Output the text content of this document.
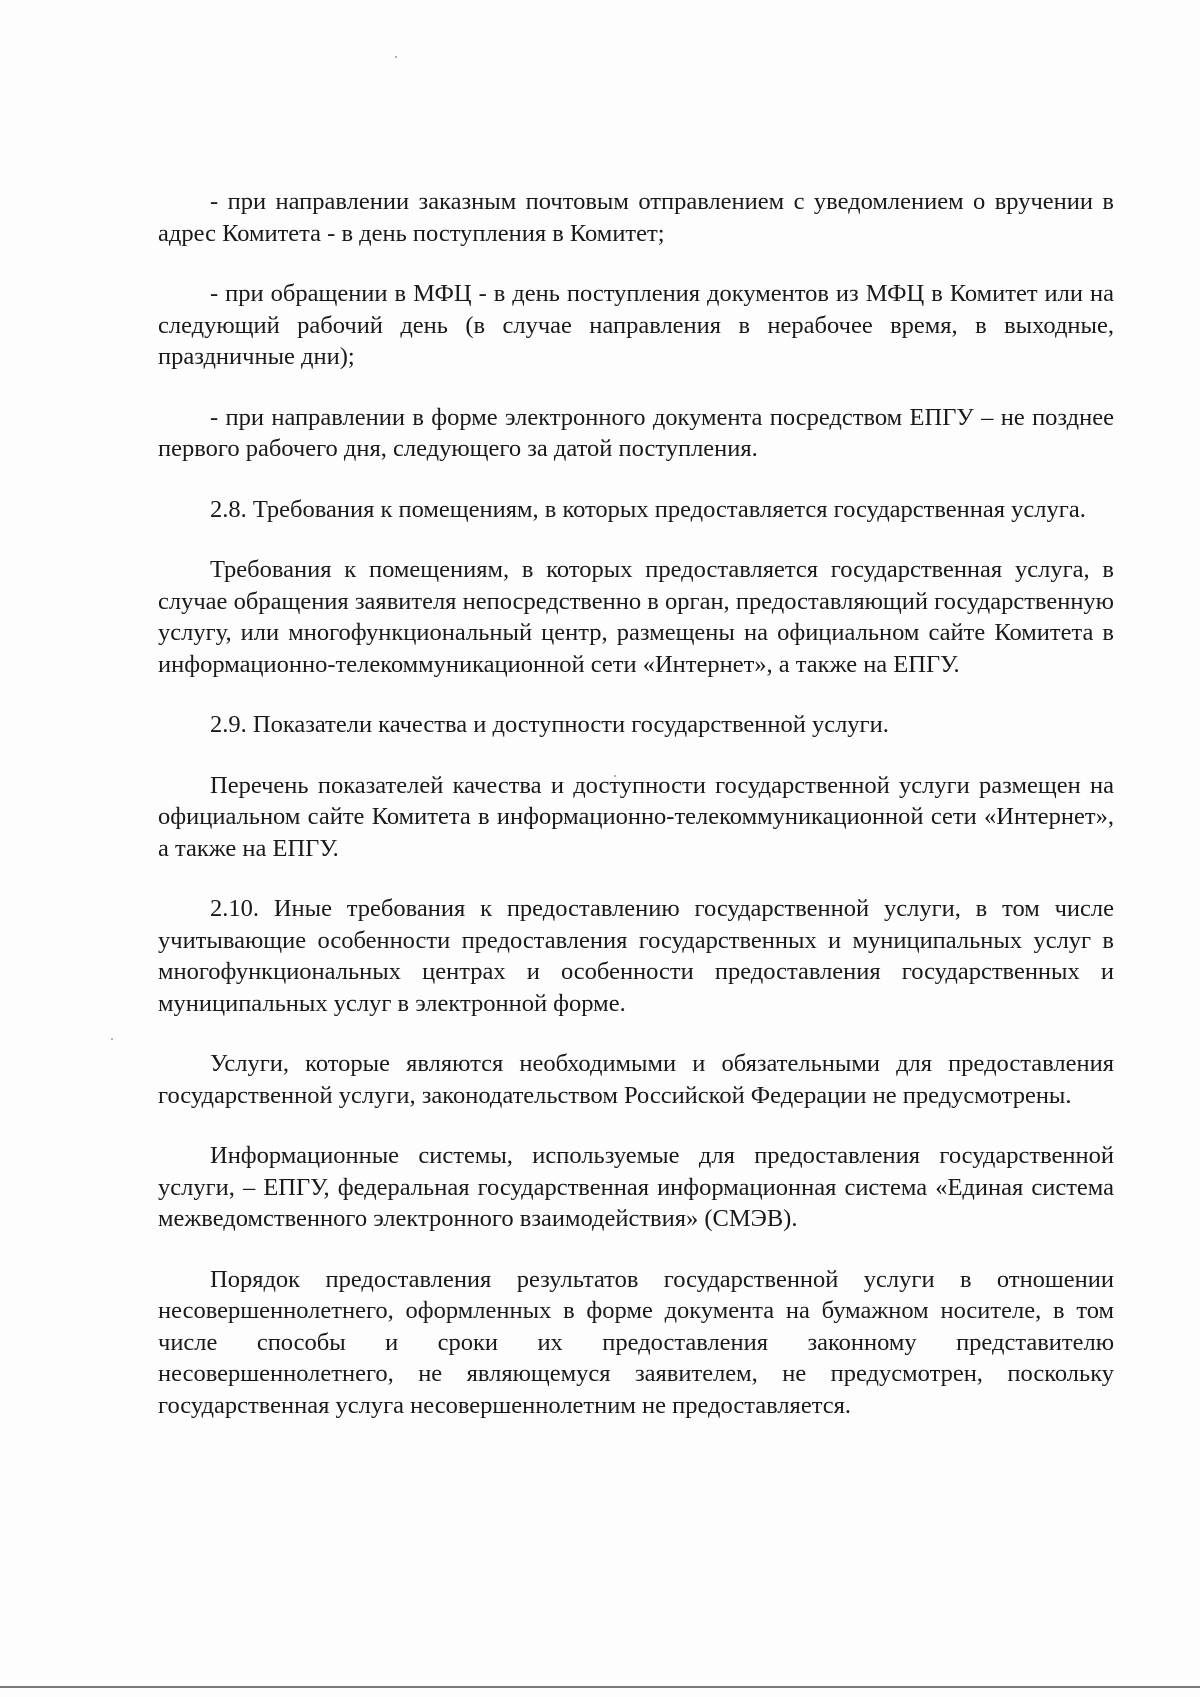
- при направлении заказным почтовым отправлением с уведомлением о вручении в адрес Комитета - в день поступления в Комитет;

- при обращении в МФЦ - в день поступления документов из МФЦ в Комитет или на следующий рабочий день (в случае направления в нерабочее время, в выходные, праздничные дни);

- при направлении в форме электронного документа посредством ЕПГУ – не позднее первого рабочего дня, следующего за датой поступления.

2.8. Требования к помещениям, в которых предоставляется государственная услуга.

Требования к помещениям, в которых предоставляется государственная услуга, в случае обращения заявителя непосредственно в орган, предоставляющий государственную услугу, или многофункциональный центр, размещены на официальном сайте Комитета в информационно-телекоммуникационной сети «Интернет», а также на ЕПГУ.

2.9. Показатели качества и доступности государственной услуги.

Перечень показателей качества и доступности государственной услуги размещен на официальном сайте Комитета в информационно-телекоммуникационной сети «Интернет», а также на ЕПГУ.

2.10. Иные требования к предоставлению государственной услуги, в том числе учитывающие особенности предоставления государственных и муниципальных услуг в многофункциональных центрах и особенности предоставления государственных и муниципальных услуг в электронной форме.

Услуги, которые являются необходимыми и обязательными для предоставления государственной услуги, законодательством Российской Федерации не предусмотрены.

Информационные системы, используемые для предоставления государственной услуги, – ЕПГУ, федеральная государственная информационная система «Единая система межведомственного электронного взаимодействия» (СМЭВ).

Порядок предоставления результатов государственной услуги в отношении несовершеннолетнего, оформленных в форме документа на бумажном носителе, в том числе способы и сроки их предоставления законному представителю несовершеннолетнего, не являющемуся заявителем, не предусмотрен, поскольку государственная услуга несовершеннолетним не предоставляется.
